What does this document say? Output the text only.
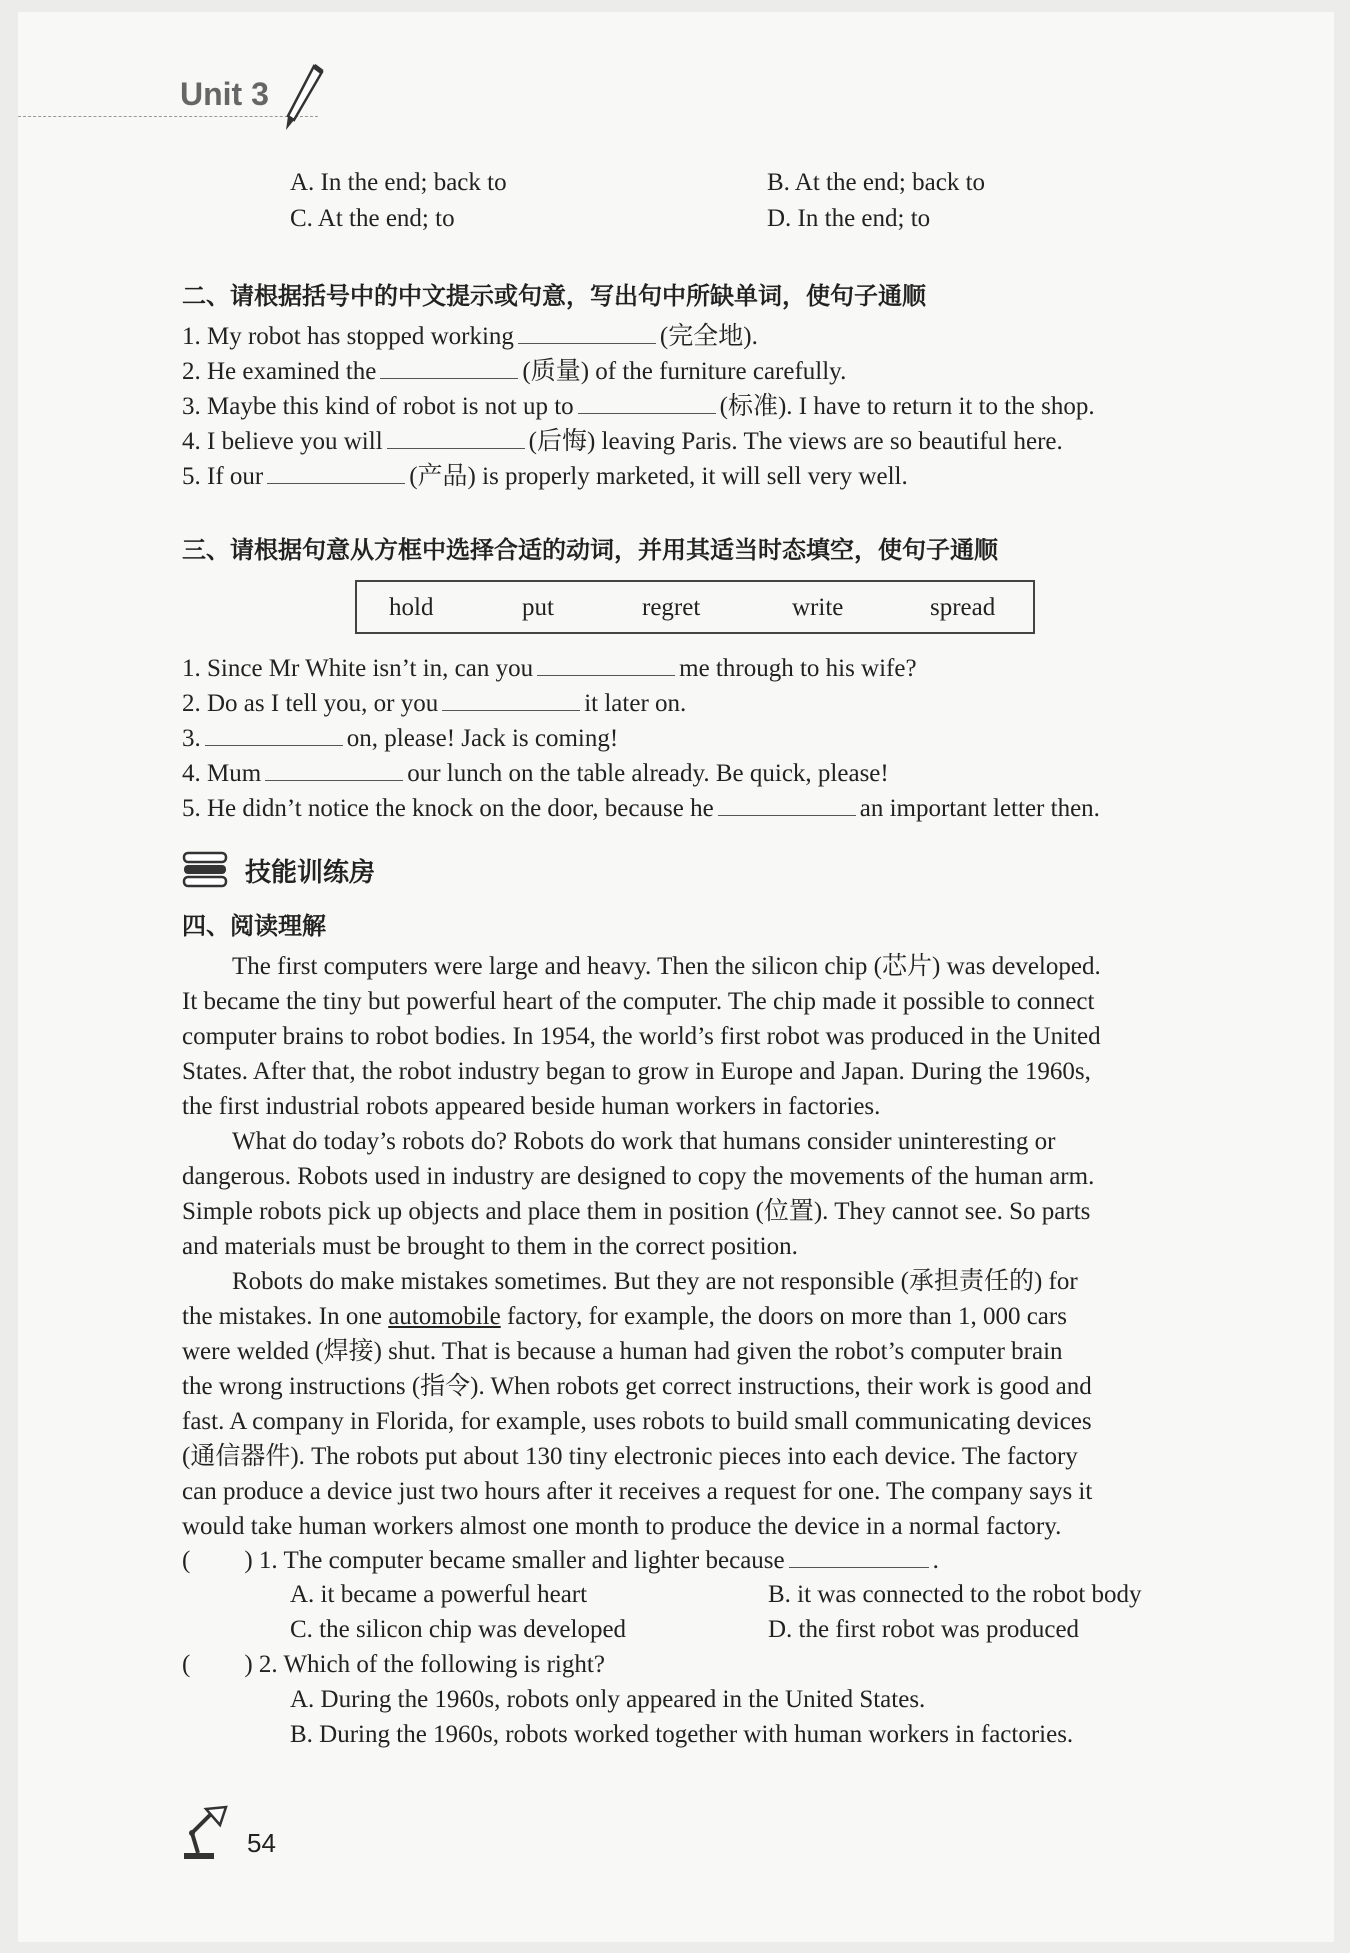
Unit 3
A. In the end; back to	B. At the end; back to
C. At the end; to	D. In the end; to
二、请根据括号中的中文提示或句意，写出句中所缺单词，使句子通顺
1. My robot has stopped working	(完全地).
2. He examined the	(质量) of the furniture carefully.
3. Maybe this kind of robot is not up to	(标准). I have to return it to the shop.
4. I believe you will	(后悔) leaving Paris. The views are so beautiful here.
5. If our	(产品) is properly marketed, it will sell very well.
三、请根据句意从方框中选择合适的动词，并用其适当时态填空，使句子通顺
hold	put	regret	write	spread
1. Since Mr White isn’t in, can you	me through to his wife?
2. Do as I tell you, or you	it later on.
3.	on, please! Jack is coming!
4. Mum	our lunch on the table already. Be quick, please!
5. He didn’t notice the knock on the door, because he	an important letter then.
技能训练房
四、阅读理解
The first computers were large and heavy. Then the silicon chip (芯片) was developed.
It became the tiny but powerful heart of the computer. The chip made it possible to connect
computer brains to robot bodies. In 1954, the world’s first robot was produced in the United
States. After that, the robot industry began to grow in Europe and Japan. During the 1960s,
the first industrial robots appeared beside human workers in factories.
What do today’s robots do? Robots do work that humans consider uninteresting or
dangerous. Robots used in industry are designed to copy the movements of the human arm.
Simple robots pick up objects and place them in position (位置). They cannot see. So parts
and materials must be brought to them in the correct position.
Robots do make mistakes sometimes. But they are not responsible (承担责任的) for
the mistakes. In one automobile factory, for example, the doors on more than 1, 000 cars
were welded (焊接) shut. That is because a human had given the robot’s computer brain
the wrong instructions (指令). When robots get correct instructions, their work is good and
fast. A company in Florida, for example, uses robots to build small communicating devices
(通信器件). The robots put about 130 tiny electronic pieces into each device. The factory
can produce a device just two hours after it receives a request for one. The company says it
would take human workers almost one month to produce the device in a normal factory.
( ) 1. The computer became smaller and lighter because	.
A. it became a powerful heart	B. it was connected to the robot body
C. the silicon chip was developed	D. the first robot was produced
( ) 2. Which of the following is right?
A. During the 1960s, robots only appeared in the United States.
B. During the 1960s, robots worked together with human workers in factories.
54
